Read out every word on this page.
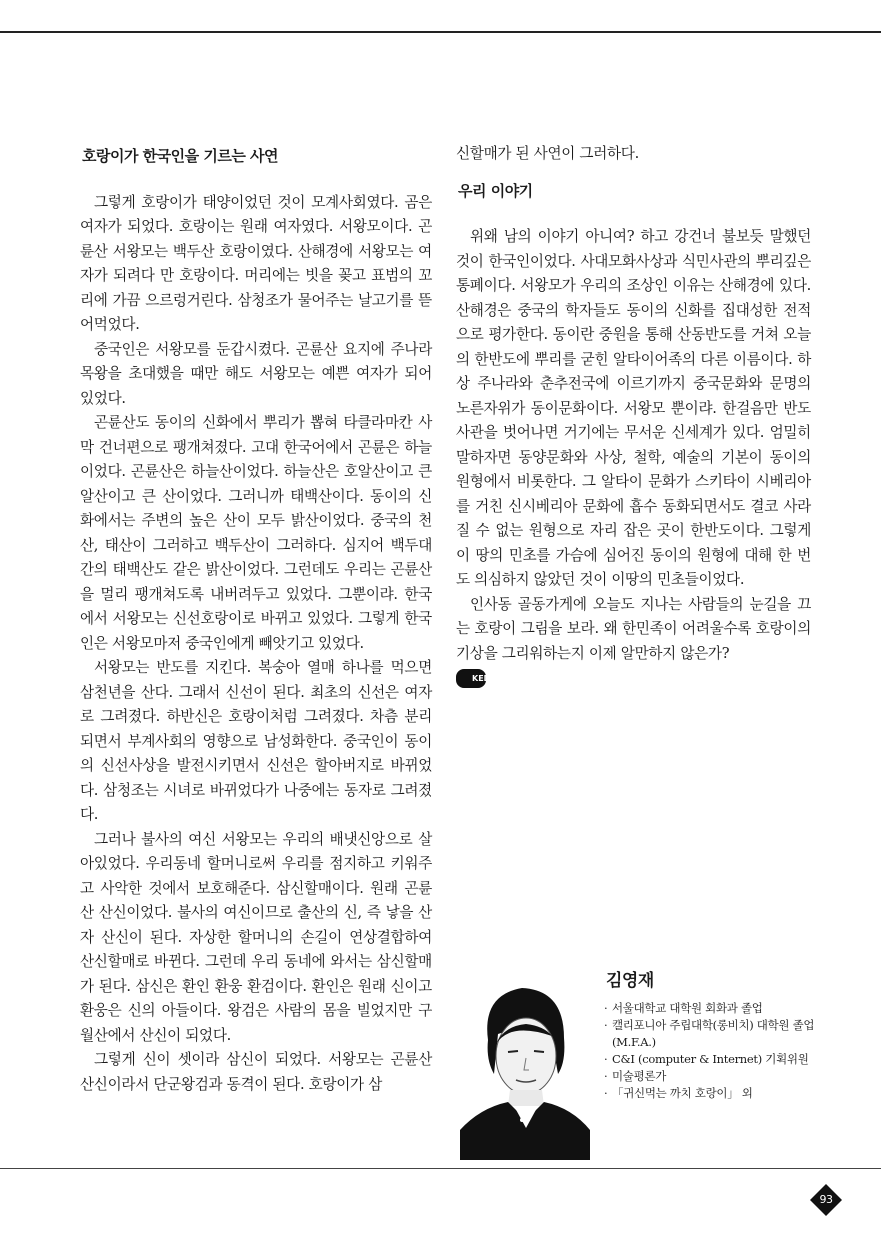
호랑이가 한국인을 기르는 사연

그렇게 호랑이가 태양이었던 것이 모계사회였다. 곰은 여자가 되었다. 호랑이는 원래 여자였다. 서왕모이다. 곤륜산 서왕모는 백두산 호랑이였다. 산해경에 서왕모는 여자가 되려다 만 호랑이다. 머리에는 빗을 꽂고 표범의 꼬리에 가끔 으르렁거린다. 삼청조가 물어주는 날고기를 뜯어먹었다.

중국인은 서왕모를 둔갑시켰다. 곤륜산 요지에 주나라 목왕을 초대했을 때만 해도 서왕모는 예쁜 여자가 되어 있었다.

곤륜산도 동이의 신화에서 뿌리가 뽑혀 타클라마칸 사막 건너편으로 팽개쳐졌다. 고대 한국어에서 곤륜은 하늘이었다. 곤륜산은 하늘산이었다. 하늘산은 호알산이고 큰알산이고 큰 산이었다. 그러니까 태백산이다. 동이의 신화에서는 주변의 높은 산이 모두 밝산이었다. 중국의 천산, 태산이 그러하고 백두산이 그러하다. 심지어 백두대간의 태백산도 같은 밝산이었다. 그런데도 우리는 곤륜산을 멀리 팽개쳐도록 내버려두고 있었다. 그뿐이랴. 한국에서 서왕모는 신선호랑이로 바뀌고 있었다. 그렇게 한국인은 서왕모마저 중국인에게 빼앗기고 있었다.

서왕모는 반도를 지킨다. 복숭아 열매 하나를 먹으면 삼천년을 산다. 그래서 신선이 된다. 최초의 신선은 여자로 그려졌다. 하반신은 호랑이처럼 그려졌다. 차츰 분리되면서 부계사회의 영향으로 남성화한다. 중국인이 동이의 신선사상을 발전시키면서 신선은 할아버지로 바뀌었다. 삼청조는 시녀로 바뀌었다가 나중에는 동자로 그려졌다.

그러나 불사의 여신 서왕모는 우리의 배냇신앙으로 살아있었다. 우리동네 할머니로써 우리를 점지하고 키워주고 사악한 것에서 보호해준다. 삼신할매이다. 원래 곤륜산 산신이었다. 불사의 여신이므로 출산의 신, 즉 낳을 산자 산신이 된다. 자상한 할머니의 손길이 연상결합하여 산신할매로 바뀐다. 그런데 우리 동네에 와서는 삼신할매가 된다. 삼신은 환인 환웅 환검이다. 환인은 원래 신이고 환웅은 신의 아들이다. 왕검은 사람의 몸을 빌었지만 구월산에서 산신이 되었다.

그렇게 신이 셋이라 삼신이 되었다. 서왕모는 곤륜산 산신이라서 단군왕검과 동격이 된다. 호랑이가 삼

신할매가 된 사연이 그러하다.

우리 이야기

위왜 남의 이야기 아니여? 하고 강건너 불보듯 말했던 것이 한국인이었다. 사대모화사상과 식민사관의 뿌리깊은 통폐이다. 서왕모가 우리의 조상인 이유는 산해경에 있다. 산해경은 중국의 학자들도 동이의 신화를 집대성한 전적으로 평가한다. 동이란 중원을 통해 산동반도를 거쳐 오늘의 한반도에 뿌리를 굳힌 알타이어족의 다른 이름이다. 하 상 주나라와 춘추전국에 이르기까지 중국문화와 문명의 노른자위가 동이문화이다. 서왕모 뿐이랴. 한걸음만 반도사관을 벗어나면 거기에는 무서운 신세계가 있다. 엄밀히 말하자면 동양문화와 사상, 철학, 예술의 기본이 동이의 원형에서 비롯한다. 그 알타이 문화가 스키타이 시베리아를 거친 신시베리아 문화에 흡수 동화되면서도 결코 사라질 수 없는 원형으로 자리 잡은 곳이 한반도이다. 그렇게 이 땅의 민초를 가슴에 심어진 동이의 원형에 대해 한 번도 의심하지 않았던 것이 이땅의 민초들이었다.

인사동 골동가게에 오늘도 지나는 사람들의 눈길을 끄는 호랑이 그림을 보라. 왜 한민족이 어려울수록 호랑이의 기상을 그리워하는지 이제 알만하지 않은가?
KED

김영재
· 서울대학교 대학원 회화과 졸업
· 캘리포니아 주립대학(롱비치) 대학원 졸업 (M.F.A.)
· C&I (computer & Internet) 기획위원
· 미술평론가
· 「귀신먹는 까치 호랑이」 외
93
